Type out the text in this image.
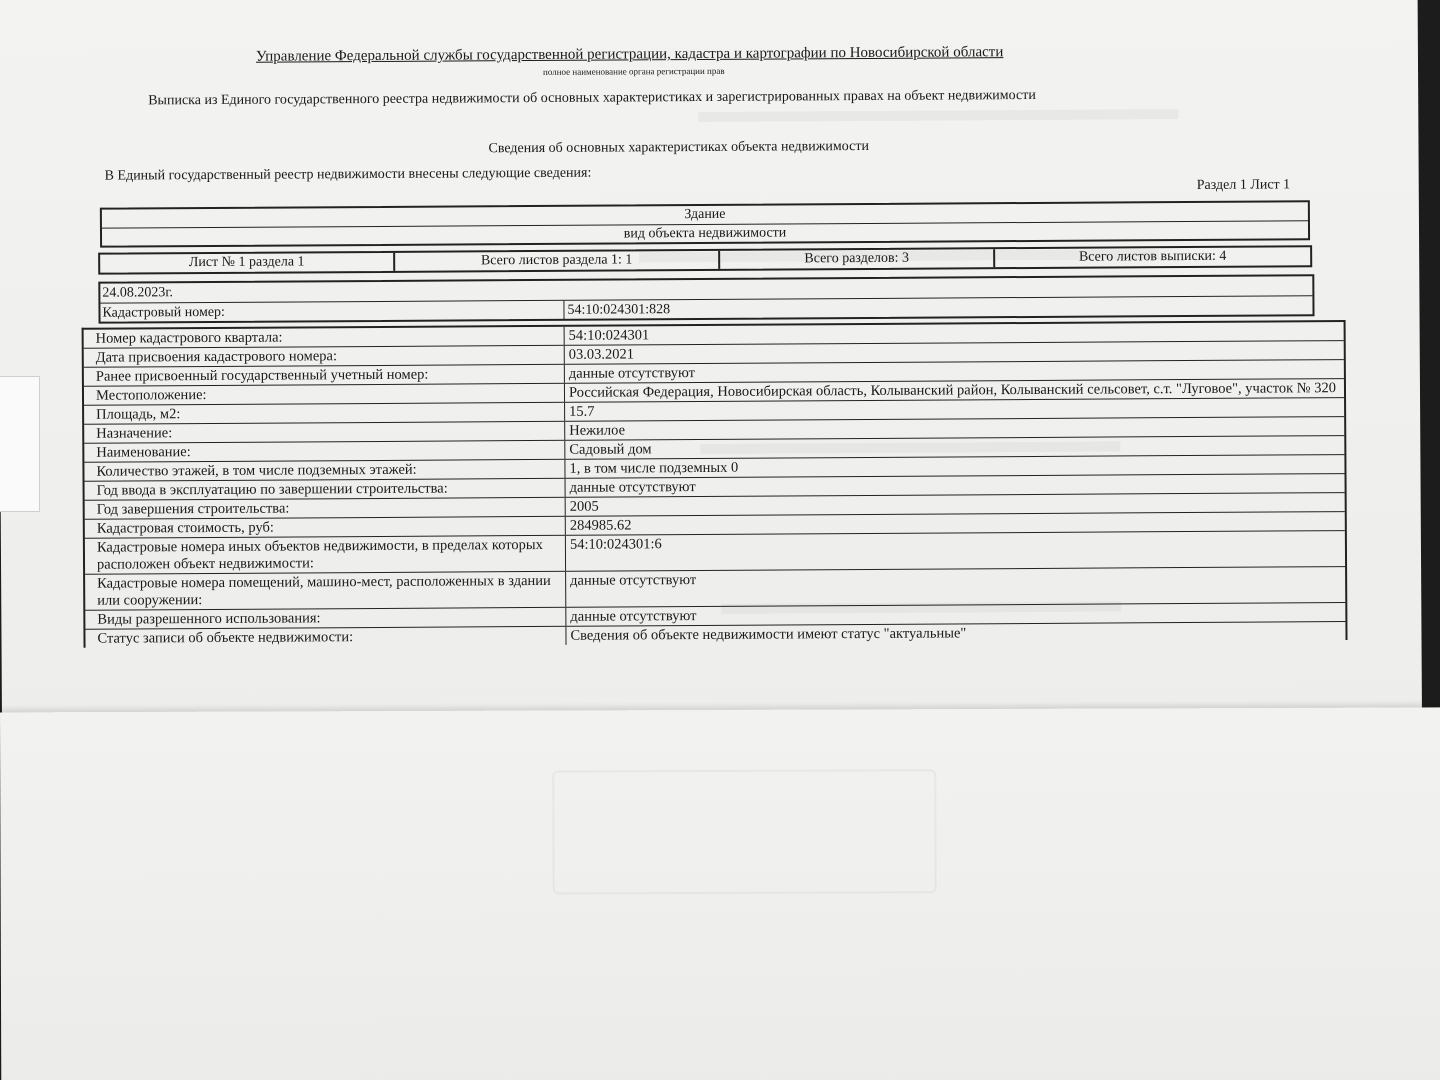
Управление Федеральной службы государственной регистрации, кадастра и картографии по Новосибирской области
полное наименование органа регистрации прав
Выписка из Единого государственного реестра недвижимости об основных характеристиках и зарегистрированных правах на объект недвижимости
Сведения об основных характеристиках объекта недвижимости
В Единый государственный реестр недвижимости внесены следующие сведения:
Раздел 1 Лист 1
Здание
вид объекта недвижимости
Лист № 1 раздела 1	Всего листов раздела 1: 1	Всего разделов: 3	Всего листов выписки: 4
24.08.2023г.
Кадастровый номер:	54:10:024301:828
Номер кадастрового квартала:	54:10:024301
Дата присвоения кадастрового номера:	03.03.2021
Ранее присвоенный государственный учетный номер:	данные отсутствуют
Местоположение:	Российская Федерация, Новосибирская область, Колыванский район, Колыванский сельсовет, с.т. "Луговое", участок № 320
Площадь, м2:	15.7
Назначение:	Нежилое
Наименование:	Садовый дом
Количество этажей, в том числе подземных этажей:	1, в том числе подземных 0
Год ввода в эксплуатацию по завершении строительства:	данные отсутствуют
Год завершения строительства:	2005
Кадастровая стоимость, руб:	284985.62
Кадастровые номера иных объектов недвижимости, в пределах которых расположен объект недвижимости:
54:10:024301:6
Кадастровые номера помещений, машино-мест, расположенных в здании или сооружении:
данные отсутствуют
Виды разрешенного использования:	данные отсутствуют
Статус записи об объекте недвижимости:	Сведения об объекте недвижимости имеют статус "актуальные"
